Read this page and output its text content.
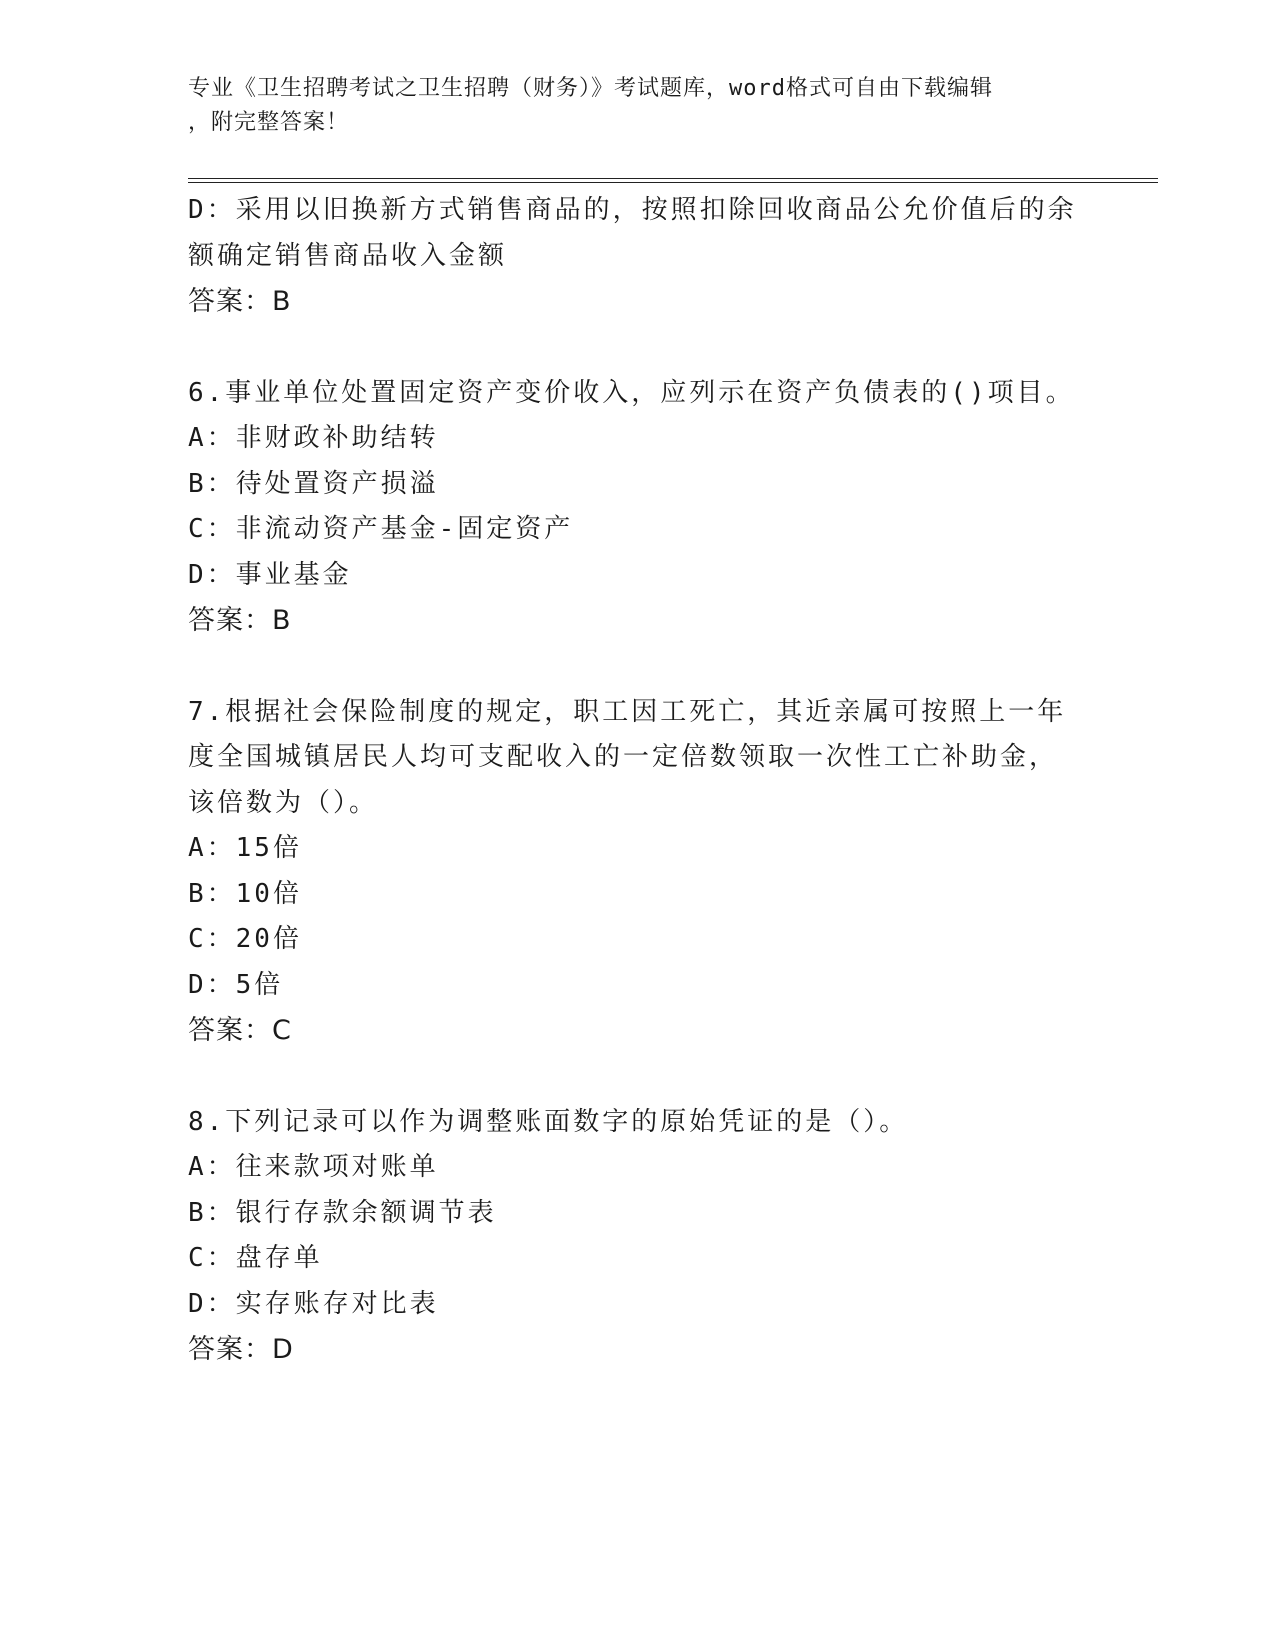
专业《卫生招聘考试之卫生招聘（财务）》考试题库，word格式可自由下载编辑
，附完整答案！
D：采用以旧换新方式销售商品的，按照扣除回收商品公允价值后的余
额确定销售商品收入金额
答案：B
6.事业单位处置固定资产变价收入，应列示在资产负债表的()项目。
A：非财政补助结转
B：待处置资产损溢
C：非流动资产基金-固定资产
D：事业基金
答案：B
7.根据社会保险制度的规定，职工因工死亡，其近亲属可按照上一年
度全国城镇居民人均可支配收入的一定倍数领取一次性工亡补助金，
该倍数为（）。
A：15倍
B：10倍
C：20倍
D：5倍
答案：C
8.下列记录可以作为调整账面数字的原始凭证的是（）。
A：往来款项对账单
B：银行存款余额调节表
C：盘存单
D：实存账存对比表
答案：D
